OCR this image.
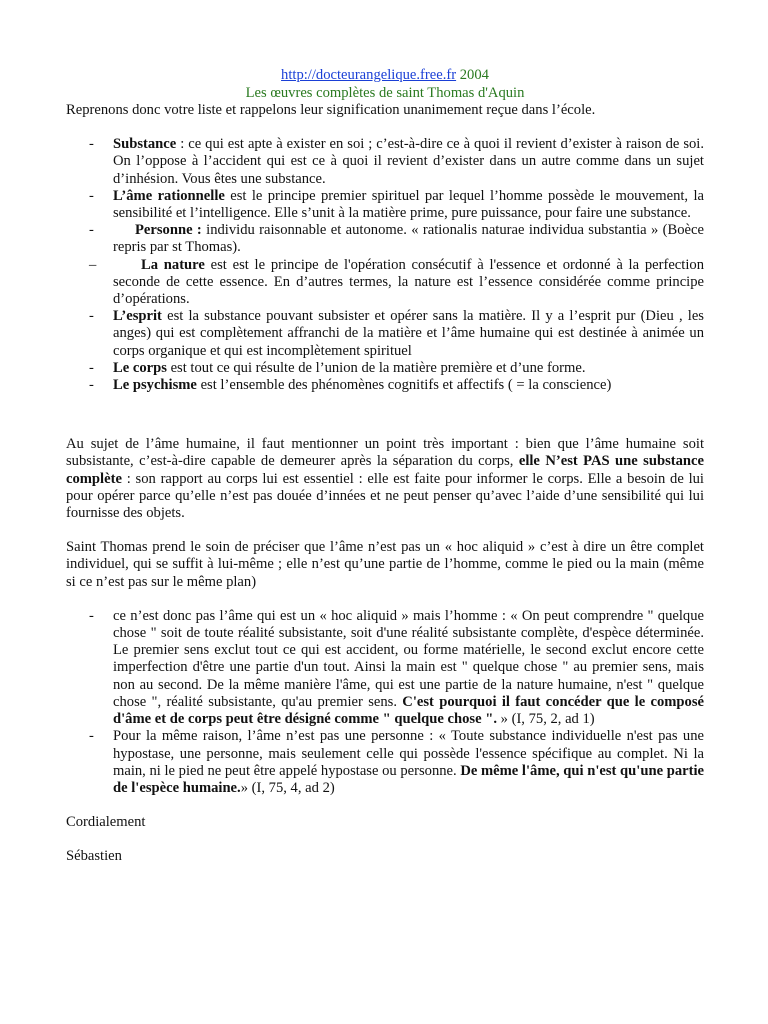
http://docteurangelique.free.fr 2004
Les œuvres complètes de saint Thomas d'Aquin

Reprenons donc votre liste et rappelons leur signification unanimement reçue dans l’école.

- Substance : ce qui est apte à exister en soi ; c’est-à-dire ce à quoi il revient d’exister à raison de soi. On l’oppose à l’accident qui est ce à quoi il revient d’exister dans un autre comme dans un sujet d’inhésion. Vous êtes une substance.
- L’âme rationnelle est le principe premier spirituel par lequel l’homme possède le mouvement, la sensibilité et l’intelligence. Elle s’unit à la matière prime, pure puissance, pour faire une substance.
-	Personne : individu raisonnable et autonome. « rationalis naturae individua substantia » (Boèce repris par st Thomas).
–	La nature est est le principe de l'opération consécutif à l'essence et ordonné à la perfection seconde de cette essence. En d’autres termes, la nature est l’essence considérée comme principe d’opérations.
- L’esprit est la substance pouvant subsister et opérer sans la matière. Il y a l’esprit pur (Dieu , les anges) qui est complètement affranchi de la matière et l’âme humaine qui est destinée à animée un corps organique et qui est incomplètement spirituel
- Le corps est tout ce qui résulte de l’union de la matière première et d’une forme.
- Le psychisme est l’ensemble des phénomènes cognitifs et affectifs ( = la conscience)

Au sujet de l’âme humaine, il faut mentionner un point très important : bien que l’âme humaine soit subsistante, c’est-à-dire capable de demeurer après la séparation du corps, elle N’est PAS une substance complète : son rapport au corps lui est essentiel : elle est faite pour informer le corps. Elle a besoin de lui pour opérer parce qu’elle n’est pas douée d’innées et ne peut penser qu’avec l’aide d’une sensibilité qui lui fournisse des objets.

Saint Thomas prend le soin de préciser que l’âme n’est pas un « hoc aliquid » c’est à dire un être complet individuel, qui se suffit à lui-même ; elle n’est qu’une partie de l’homme, comme le pied ou la main (même si ce n’est pas sur le même plan)

- ce n’est donc pas l’âme qui est un « hoc aliquid » mais l’homme : « On peut comprendre " quelque chose " soit de toute réalité subsistante, soit d'une réalité subsistante complète, d'espèce déterminée. Le premier sens exclut tout ce qui est accident, ou forme matérielle, le second exclut encore cette imperfection d'être une partie d'un tout. Ainsi la main est " quelque chose " au premier sens, mais non au second. De la même manière l'âme, qui est une partie de la nature humaine, n'est " quelque chose ", réalité subsistante, qu'au premier sens. C'est pourquoi il faut concéder que le composé d'âme et de corps peut être désigné comme " quelque chose ". » (I, 75, 2, ad 1)
- Pour la même raison, l’âme n’est pas une personne : « Toute substance individuelle n'est pas une hypostase, une personne, mais seulement celle qui possède l'essence spécifique au complet. Ni la main, ni le pied ne peut être appelé hypostase ou personne. De même l'âme, qui n'est qu'une partie de l'espèce humaine.» (I, 75, 4, ad 2)

Cordialement

Sébastien
